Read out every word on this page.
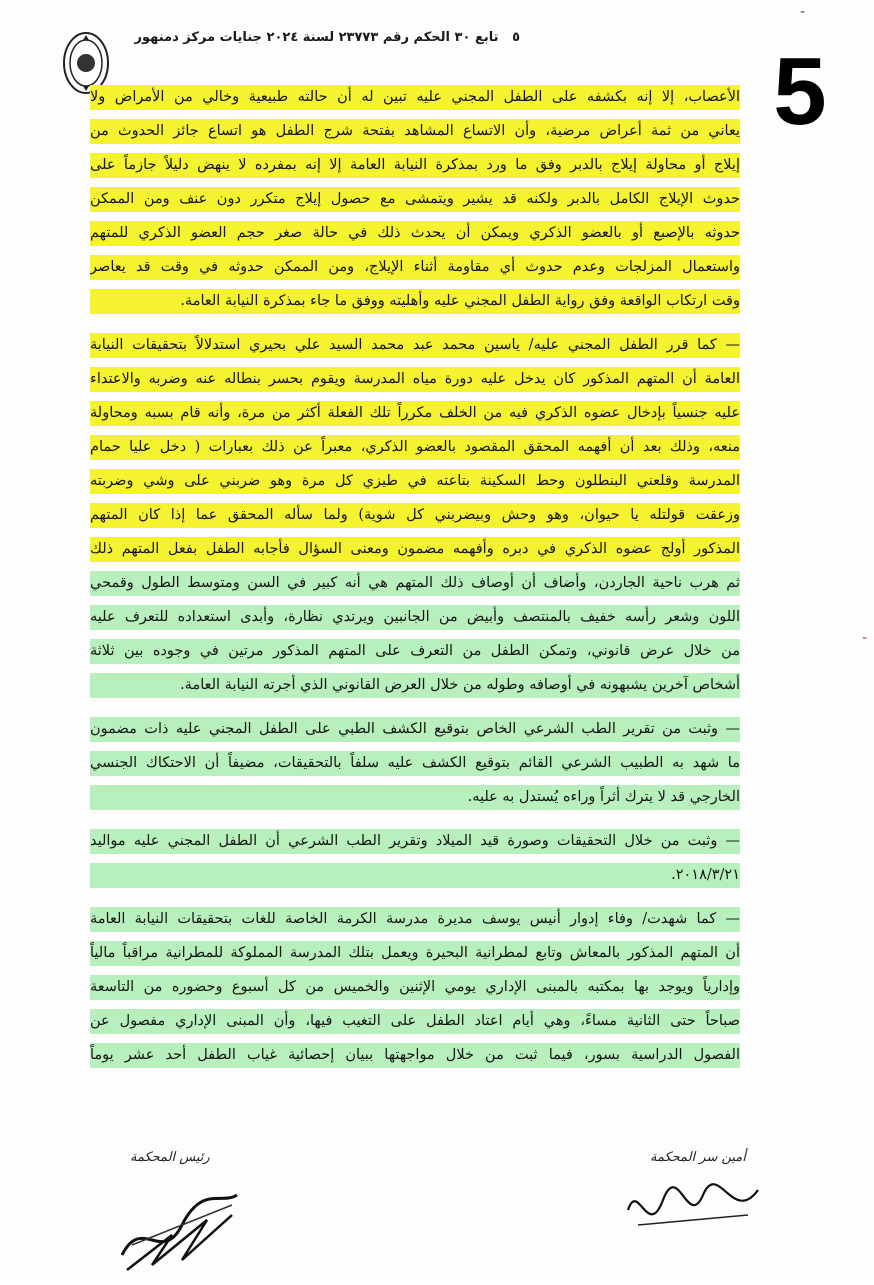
٥   تابع ٣٠ الحكم رقم ٢٣٧٧٣ لسنة ٢٠٢٤ جنايات مركز دمنهور
5
الأعصاب، إلا إنه بكشفه على الطفل المجني عليه تبين له أن حالته طبيعية وخالي من الأمراض ولا
يعاني من ثمة أعراض مرضية، وأن الاتساع المشاهد بفتحة شرج الطفل هو اتساع جائز الحدوث من
إيلاج أو محاولة إيلاج بالدبر وفق ما ورد بمذكرة النيابة العامة إلا إنه بمفرده لا ينهض دليلاً جازماً على
حدوث الإيلاج الكامل بالدبر ولكنه قد يشير ويتمشى مع حصول إيلاج متكرر دون عنف ومن الممكن
حدوثه بالإصبع أو بالعضو الذكري ويمكن أن يحدث ذلك في حالة صغر حجم العضو الذكري للمتهم
واستعمال المزلجات وعدم حدوث أي مقاومة أثناء الإيلاج، ومن الممكن حدوثه في وقت قد يعاصر
وقت ارتكاب الواقعة وفق رواية الطفل المجني عليه وأهليته ووفق ما جاء بمذكرة النيابة العامة.
— كما قرر الطفل المجني عليه/ ياسين محمد عبد محمد السيد علي بحيري استدلالاً بتحقيقات النيابة
العامة أن المتهم المذكور كان يدخل عليه دورة مياه المدرسة ويقوم بحسر بنطاله عنه وضربه والاعتداء
عليه جنسياً بإدخال عضوه الذكري فيه من الخلف مكرراً تلك الفعلة أكثر من مرة، وأنه قام بسبه ومحاولة
منعه، وذلك بعد أن أفهمه المحقق المقصود بالعضو الذكري، معبراً عن ذلك بعبارات ( دخل عليا حمام
المدرسة وقلعني البنطلون وحط السكينة بتاعته في طيزي كل مرة وهو ضربني على وشي وضربته
وزعقت قولتله يا حيوان، وهو وحش وبيضربني كل شوية) ولما سأله المحقق عما إذا كان المتهم
المذكور أولج عضوه الذكري في دبره وأفهمه مضمون ومعنى السؤال فأجابه الطفل بفعل المتهم ذلك
ثم هرب ناحية الجاردن، وأضاف أن أوصاف ذلك المتهم هي أنه كبير في السن ومتوسط الطول وقمحي
اللون وشعر رأسه خفيف بالمنتصف وأبيض من الجانبين ويرتدي نظارة، وأبدى استعداده للتعرف عليه
من خلال عرض قانوني، وتمكن الطفل من التعرف على المتهم المذكور مرتين في وجوده بين ثلاثة
أشخاص آخرين يشبهونه في أوصافه وطوله من خلال العرض القانوني الذي أجرته النيابة العامة.
— وثبت من تقرير الطب الشرعي الخاص بتوقيع الكشف الطبي على الطفل المجني عليه ذات مضمون
ما شهد به الطبيب الشرعي القائم بتوقيع الكشف عليه سلفاً بالتحقيقات، مضيفاً أن الاحتكاك الجنسي
الخارجي قد لا يترك أثراً وراءه يُستدل به عليه.
— وثبت من خلال التحقيقات وصورة قيد الميلاد وتقرير الطب الشرعي أن الطفل المجني عليه مواليد
٢٠١٨/٣/٢١.
— كما شهدت/ وفاء إدوار أنيس يوسف مديرة مدرسة الكرمة الخاصة للغات بتحقيقات النيابة العامة
أن المتهم المذكور بالمعاش وتابع لمطرانية البحيرة ويعمل بتلك المدرسة المملوكة للمطرانية مراقباً مالياً
وإدارياً ويوجد بها بمكتبه بالمبنى الإداري يومي الإثنين والخميس من كل أسبوع وحضوره من التاسعة
صباحاً حتى الثانية مساءً، وهي أيام اعتاد الطفل على التغيب فيها، وأن المبنى الإداري مفصول عن
الفصول الدراسية بسور، فيما ثبت من خلال مواجهتها ببيان إحصائية غياب الطفل أحد عشر يوماً
رئيس المحكمة	أمين سر المحكمة
-
-
